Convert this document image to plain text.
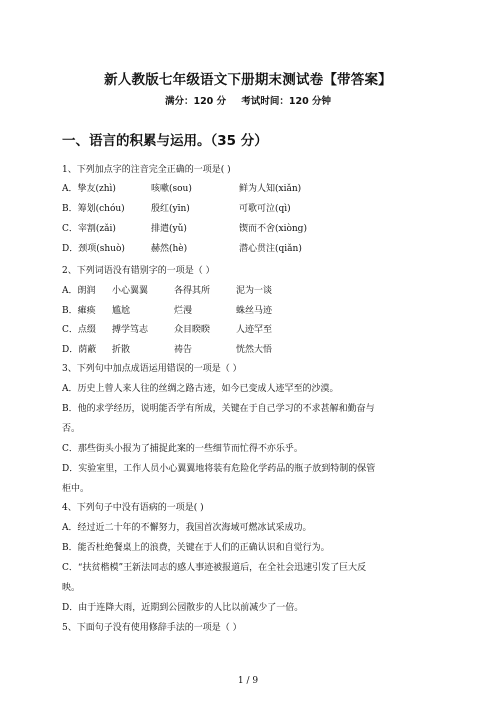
新人教版七年级语文下册期末测试卷【带答案】
满分：120 分 考试时间：120 分钟
一、语言的积累与运用。（35 分）
1、下列加点字的注音完全正确的一项是( )
A．挚友(zhì)	咳嗽(sou)	鲜为人知(xiǎn)
B．筹划(chóu)	殷红(yīn)	可歌可泣(qì)
C．宰割(zǎi)	排遣(yǔ)	锲而不舍(xiòng)
D．颈项(shuò)	赫然(hè)	潜心贯注(qiǎn)
2、下列词语没有错别字的一项是（ ）
A．朗润 小心翼翼	各得其所	泥为一谈
B．瘫痪 尴尬	烂漫	蛛丝马迹
C．点缀 搏学笃志	众目睽睽	人迹罕至
D．荫蔽 折散	祷告	恍然大悟
3、下列句中加点成语运用错误的一项是（ ）
A．历史上曾人来人往的丝绸之路古迹，如今已变成人迹罕至的沙漠。
B．他的求学经历，说明能否学有所成，关键在于自己学习的不求甚解和勤奋与
否。
C．那些街头小报为了捕捉此案的一些细节而忙得不亦乐乎。
D．实验室里，工作人员小心翼翼地将装有危险化学药品的瓶子放到特制的保管
柜中。
4、下列句子中没有语病的一项是( )
A．经过近二十年的不懈努力，我国首次海域可燃冰试采成功。
B．能否杜绝餐桌上的浪费，关键在于人们的正确认识和自觉行为。
C．“扶贫楷模”王新法同志的感人事迹被报道后，在全社会迅速引发了巨大反
映。
D．由于连降大雨，近期到公园散步的人比以前减少了一倍。
5、下面句子没有使用修辞手法的一项是（ ）
1 / 9
